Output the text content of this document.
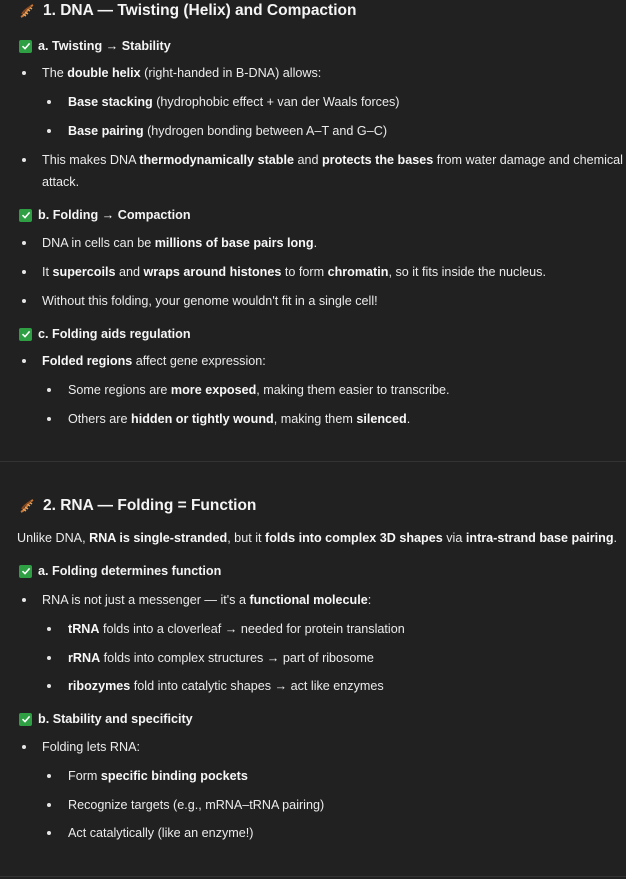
1. DNA — Twisting (Helix) and Compaction
a. Twisting → Stability
The double helix (right-handed in B-DNA) allows:
Base stacking (hydrophobic effect + van der Waals forces)
Base pairing (hydrogen bonding between A–T and G–C)
This makes DNA thermodynamically stable and protects the bases from water damage and chemical
attack.
b. Folding → Compaction
DNA in cells can be millions of base pairs long.
It supercoils and wraps around histones to form chromatin, so it fits inside the nucleus.
Without this folding, your genome wouldn't fit in a single cell!
c. Folding aids regulation
Folded regions affect gene expression:
Some regions are more exposed, making them easier to transcribe.
Others are hidden or tightly wound, making them silenced.
2. RNA — Folding = Function
Unlike DNA, RNA is single-stranded, but it folds into complex 3D shapes via intra-strand base pairing.
a. Folding determines function
RNA is not just a messenger — it's a functional molecule:
tRNA folds into a cloverleaf → needed for protein translation
rRNA folds into complex structures → part of ribosome
ribozymes fold into catalytic shapes → act like enzymes
b. Stability and specificity
Folding lets RNA:
Form specific binding pockets
Recognize targets (e.g., mRNA–tRNA pairing)
Act catalytically (like an enzyme!)
